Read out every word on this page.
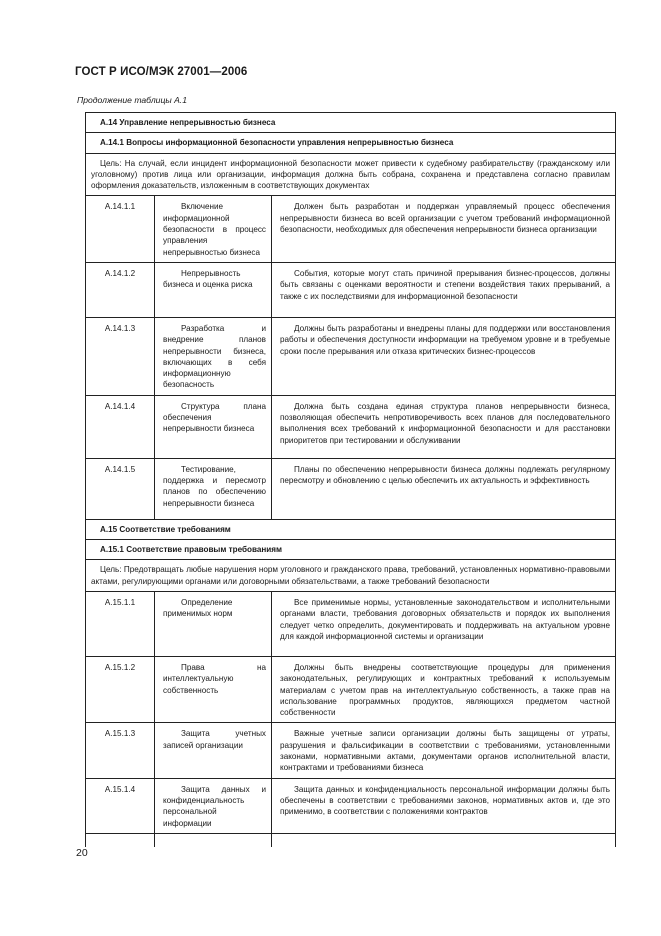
ГОСТ Р ИСО/МЭК 27001—2006
Продолжение таблицы А.1
А.14 Управление непрерывностью бизнеса		
А.14.1 Вопросы информационной безопасности управления непрерывностью бизнеса		
Цель: На случай, если инцидент информационной безопасности может привести к судебному разбирательству (гражданскому или уголовному) против лица или организации, информация должна быть собрана, сохранена и представлена согласно правилам оформления доказательств, изложенным в соответствующих документах		
А.14.1.1	Включение информационной безопасности в процесс управления непрерывностью бизнеса	Должен быть разработан и поддержан управляемый процесс обеспечения непрерывности бизнеса во всей организации с учетом требований информационной безопасности, необходимых для обеспечения непрерывности бизнеса организации
А.14.1.2	Непрерывность бизнеса и оценка риска	События, которые могут стать причиной прерывания бизнес-процессов, должны быть связаны с оценками вероятности и степени воздействия таких прерываний, а также с их последствиями для информационной безопасности
А.14.1.3	Разработка и внедрение планов непрерывности бизнеса, включающих в себя информационную безопасность	Должны быть разработаны и внедрены планы для поддержки или восстановления работы и обеспечения доступности информации на требуемом уровне и в требуемые сроки после прерывания или отказа критических бизнес-процессов
А.14.1.4	Структура плана обеспечения непрерывности бизнеса	Должна быть создана единая структура планов непрерывности бизнеса, позволяющая обеспечить непротиворечивость всех планов для последовательного выполнения всех требований к информационной безопасности и для расстановки приоритетов при тестировании и обслуживании
А.14.1.5	Тестирование, поддержка и пересмотр планов по обеспечению непрерывности бизнеса	Планы по обеспечению непрерывности бизнеса должны подлежать регулярному пересмотру и обновлению с целью обеспечить их актуальность и эффективность
А.15 Соответствие требованиям		
А.15.1 Соответствие правовым требованиям		
Цель: Предотвращать любые нарушения норм уголовного и гражданского права, требований, установленных нормативно-правовыми актами, регулирующими органами или договорными обязательствами, а также требований безопасности		
А.15.1.1	Определение применимых норм	Все применимые нормы, установленные законодательством и исполнительными органами власти, требования договорных обязательств и порядок их выполнения следует четко определить, документировать и поддерживать на актуальном уровне для каждой информационной системы и организации
А.15.1.2	Права на интеллектуальную собственность	Должны быть внедрены соответствующие процедуры для применения законодательных, регулирующих и контрактных требований к используемым материалам с учетом прав на интеллектуальную собственность, а также прав на использование программных продуктов, являющихся предметом частной собственности
А.15.1.3	Защита учетных записей организации	Важные учетные записи организации должны быть защищены от утраты, разрушения и фальсификации в соответствии с требованиями, установленными законами, нормативными актами, документами органов исполнительной власти, контрактами и требованиями бизнеса
А.15.1.4	Защита данных и конфиденциальность персональной информации	Защита данных и конфиденциальность персональной информации должны быть обеспечены в соответствии с требованиями законов, нормативных актов и, где это применимо, в соответствии с положениями контрактов

20
